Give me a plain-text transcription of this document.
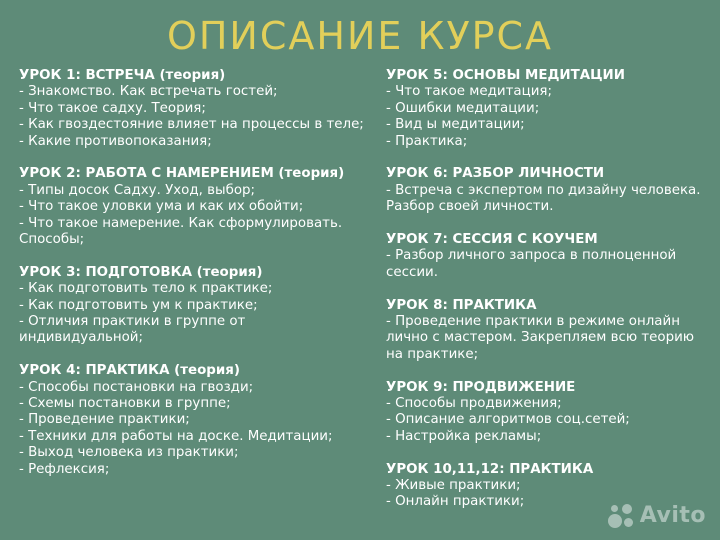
ОПИСАНИЕ КУРСА
УРОК 1: ВСТРЕЧА (теория)
- Знакомство. Как встречать гостей;
- Что такое садху. Теория;
- Как гвоздестояние влияет на процессы в теле;
- Какие противопоказания;
УРОК 2: РАБОТА С НАМЕРЕНИЕМ (теория)
- Типы досок Садху. Уход, выбор;
- Что такое уловки ума и как их обойти;
- Что такое намерение. Как сформулировать. Способы;
УРОК 3: ПОДГОТОВКА (теория)
- Как подготовить тело к практике;
- Как подготовить ум к практике;
- Отличия практики в группе от индивидуальной;
УРОК 4: ПРАКТИКА (теория)
- Способы постановки на гвозди;
- Схемы постановки в группе;
- Проведение практики;
- Техники для работы на доске. Медитации;
- Выход человека из практики;
- Рефлексия;
УРОК 5: ОСНОВЫ МЕДИТАЦИИ
- Что такое медитация;
- Ошибки медитации;
- Вид ы медитации;
- Практика;
УРОК 6: РАЗБОР ЛИЧНОСТИ
- Встреча с экспертом по дизайну человека. Разбор своей личности.
УРОК 7: СЕССИЯ С КОУЧЕМ
- Разбор личного запроса в полноценной сессии.
УРОК 8: ПРАКТИКА
- Проведение практики в режиме онлайн лично с мастером. Закрепляем всю теорию на практике;
УРОК 9: ПРОДВИЖЕНИЕ
- Способы продвижения;
- Описание алгоритмов соц.сетей;
- Настройка рекламы;
УРОК 10,11,12: ПРАКТИКА
- Живые практики;
- Онлайн практики;
Avito
